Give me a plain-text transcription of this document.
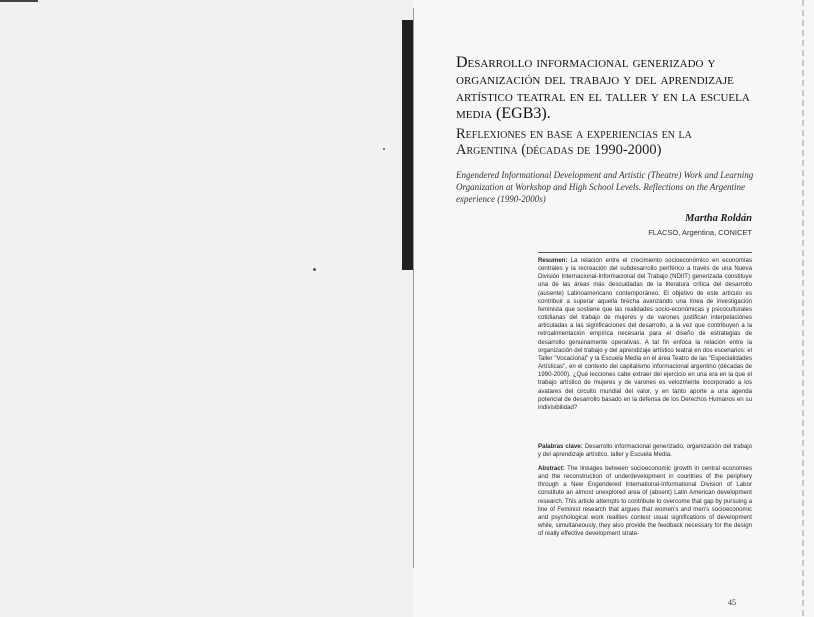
Desarrollo informacional generizado y organización del trabajo y del aprendizaje artístico teatral en el taller y en la escuela media (EGB3).
Reflexiones en base a experiencias en la Argentina (décadas de 1990-2000)

Engendered Informational Development and Artistic (Theatre) Work and Learning Organization at Workshop and High School Levels. Reflections on the Argentine experience (1990-2000s)

Martha Roldán

FLACSO, Argentina, CONICET

Resumen: La relación entre el crecimiento socioeconómico en economías centrales y la recreación del subdesarrollo periférico a través de una Nueva División Internacional-Informacional del Trabajo (NDIIT) generizada constituye una de las áreas más descuidadas de la literatura crítica del desarrollo (ausente) Latinoamericano contemporáneo. El objetivo de este artículo es contribuir a superar aquella brecha avanzando una línea de investigación feminista que sostiene que las realidades socio-económicas y psicoculturales cotidianas del trabajo de mujeres y de varones justifican interpelaciones articuladas a las significaciones del desarrollo, a la vez que contribuyen a la retroalimentación empírica necesaria para el diseño de estrategias de desarrollo genuinamente operativas. A tal fin enfoca la relación entre la organización del trabajo y del aprendizaje artístico teatral en dos escenarios: el Taller "Vocacional" y la Escuela Media en el área Teatro de las "Especialidades Artísticas", en el contexto del capitalismo informacional argentino (décadas de 1990-2000). ¿Qué lecciones cabe extraer del ejercicio en una era en la que el trabajo artístico de mujeres y de varones es velozmente incorporado a los avatares del circuito mundial del valor, y en tanto aporte a una agenda potencial de desarrollo basado en la defensa de los Derechos Humanos en su indivisibilidad?

Palabras clave: Desarrollo informacional generizado, organización del trabajo y del aprendizaje artístico, taller y Escuela Media.

Abstract: The linkages between socioeconomic growth in central economies and the reconstruction of underdevelopment in countries of the periphery through a New Engendered International-Informational Division of Labor constitute an almost unexplored area of (absent) Latin American development research. This article attempts to contribute to overcome that gap by pursuing a line of Feminist research that argues that women's and men's socioeconomic and psychological work realities contest usual significations of development while, simultaneously, they also provide the feedback necessary for the design of really effective development strate-

45
